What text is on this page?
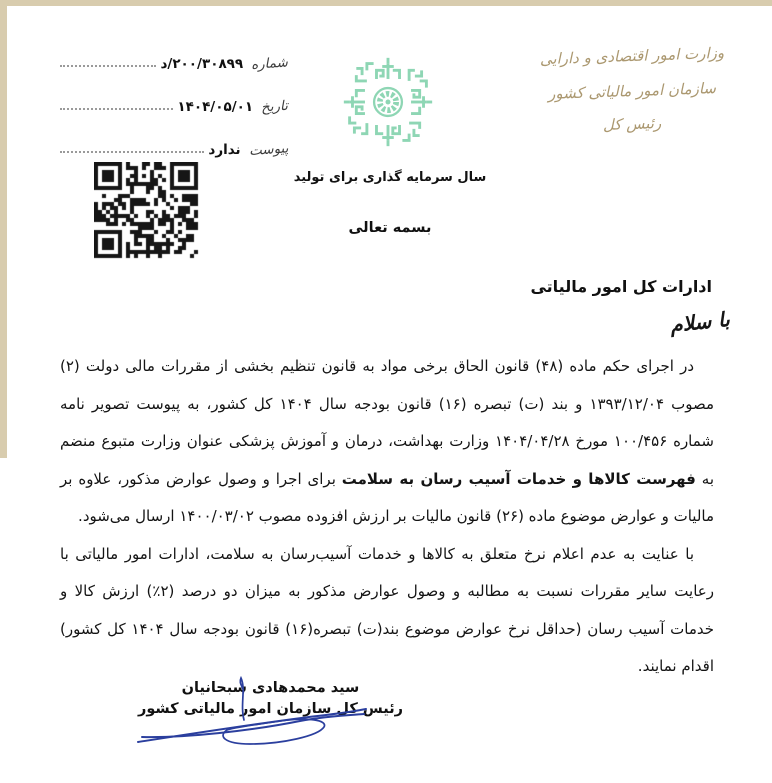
شماره
۲۰۰/۳۰۸۹۹/د
تاریخ
۱۴۰۴/۰۵/۰۱
پیوست
ندارد
وزارت امور اقتصادی و دارایی
سازمان امور مالیاتی کشور
رئیس کل
سال سرمایه گذاری برای تولید
بسمه تعالی
ادارات کل امور مالیاتی
با سلام

در اجرای حکم ماده (۴۸) قانون الحاق برخی مواد به قانون تنظیم بخشی از مقررات مالی دولت (۲) مصوب ۱۳۹۳/۱۲/۰۴ و بند (ت) تبصره (۱۶) قانون بودجه سال ۱۴۰۴ کل کشور، به پیوست تصویر نامه شماره ۱۰۰/۴۵۶ مورخ ۱۴۰۴/۰۴/۲۸ وزارت بهداشت، درمان و آموزش پزشکی عنوان وزارت متبوع منضم به فهرست کالاها و خدمات آسیب رسان به سلامت برای اجرا و وصول عوارض مذکور، علاوه بر مالیات و عوارض موضوع ماده (۲۶) قانون مالیات بر ارزش افزوده مصوب ۱۴۰۰/۰۳/۰۲ ارسال می‌شود.

با عنایت به عدم اعلام نرخ متعلق به کالاها و خدمات آسیب‌رسان به سلامت، ادارات امور مالیاتی با رعایت سایر مقررات نسبت به مطالبه و وصول عوارض مذکور به میزان دو درصد (۲٪) ارزش کالا و خدمات آسیب رسان (حداقل نرخ عوارض موضوع بند(ت) تبصره(۱۶) قانون بودجه سال ۱۴۰۴ کل کشور) اقدام نمایند.

سید محمدهادی سبحانیان
رئیس کل سازمان امور مالیاتی کشور
